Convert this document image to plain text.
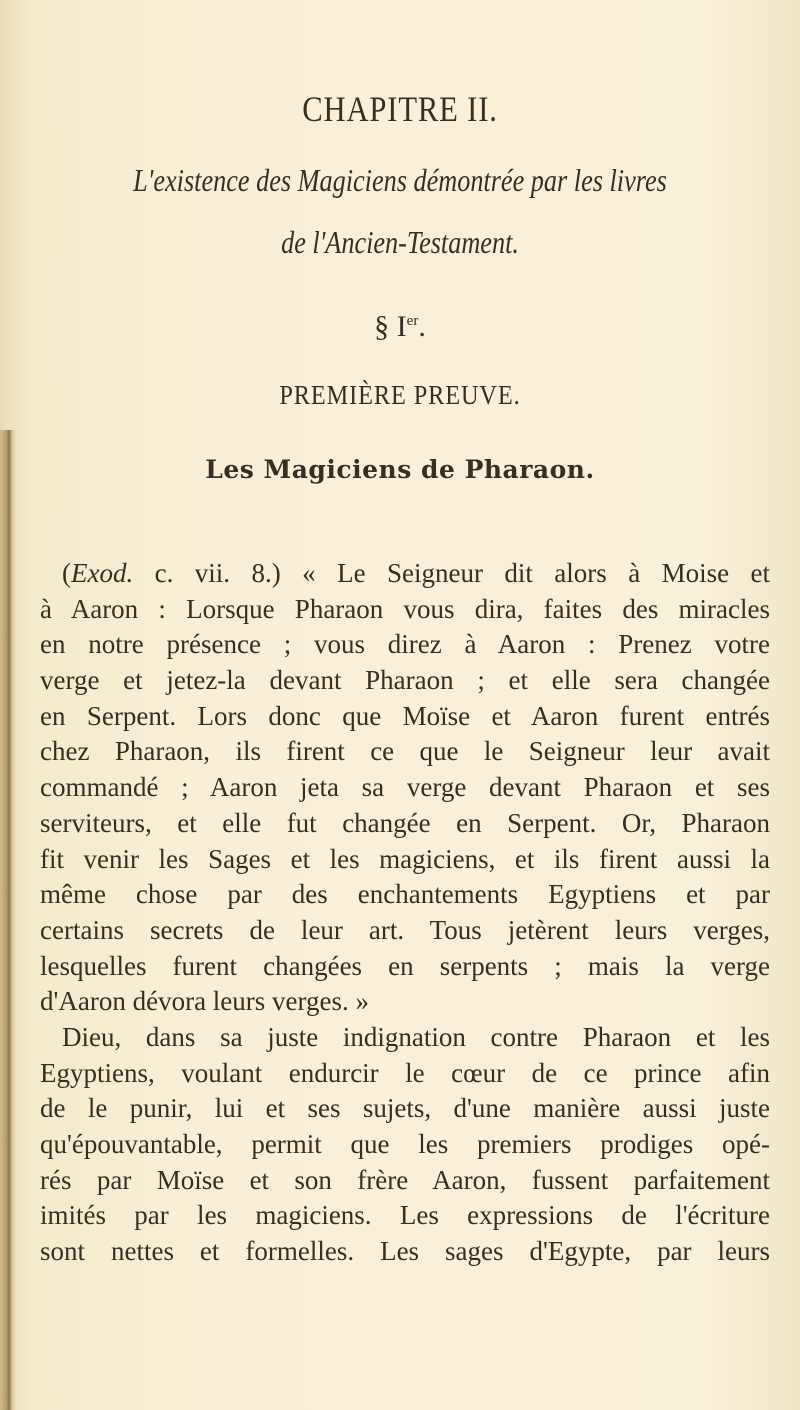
CHAPITRE II.
L'existence des Magiciens démontrée par les livres
de l'Ancien-Testament.
§ Ier.
PREMIÈRE PREUVE.
Les Magiciens de Pharaon.
(Exod. c. vii. 8.) « Le Seigneur dit alors à Moise et
à Aaron : Lorsque Pharaon vous dira, faites des miracles
en notre présence ; vous direz à Aaron : Prenez votre
verge et jetez-la devant Pharaon ; et elle sera changée
en Serpent. Lors donc que Moïse et Aaron furent entrés
chez Pharaon, ils firent ce que le Seigneur leur avait
commandé ; Aaron jeta sa verge devant Pharaon et ses
serviteurs, et elle fut changée en Serpent. Or, Pharaon
fit venir les Sages et les magiciens, et ils firent aussi la
même chose par des enchantements Egyptiens et par
certains secrets de leur art. Tous jetèrent leurs verges,
lesquelles furent changées en serpents ; mais la verge
d'Aaron dévora leurs verges. »
Dieu, dans sa juste indignation contre Pharaon et les
Egyptiens, voulant endurcir le cœur de ce prince afin
de le punir, lui et ses sujets, d'une manière aussi juste
qu'épouvantable, permit que les premiers prodiges opé-
rés par Moïse et son frère Aaron, fussent parfaitement
imités par les magiciens. Les expressions de l'écriture
sont nettes et formelles. Les sages d'Egypte, par leurs
